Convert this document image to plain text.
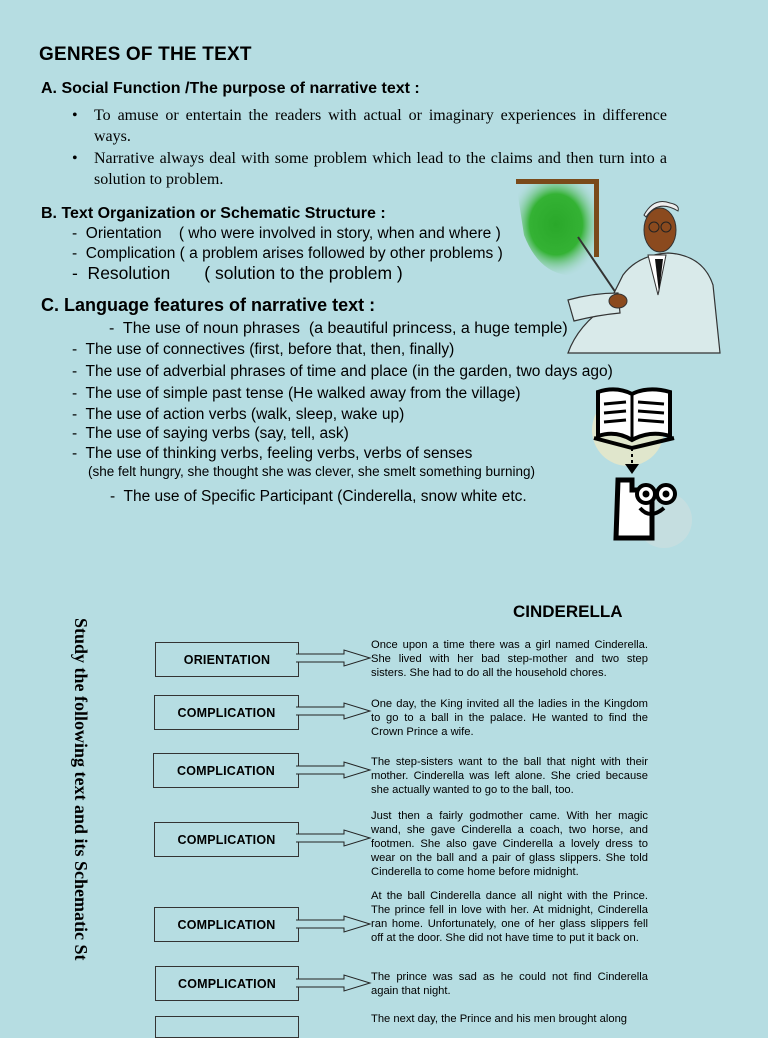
GENRES OF THE TEXT

A. Social Function /The purpose of narrative text :

• To amuse or entertain the readers with actual or imaginary experiences in difference ways.
• Narrative always deal with some problem which lead to the claims and then turn into a solution to problem.

B. Text Organization or Schematic Structure :

-  Orientation    ( who were involved in story, when and where )
-  Complication ( a problem arises followed by other problems )
-  Resolution       ( solution to the problem )

C. Language features of narrative text :

-  The use of noun phrases  (a beautiful princess, a huge temple)
-  The use of connectives (first, before that, then, finally)
-  The use of adverbial phrases of time and place (in the garden, two days ago)
-  The use of simple past tense (He walked away from the village)
-  The use of action verbs (walk, sleep, wake up)
-  The use of saying verbs (say, tell, ask)
-  The use of thinking verbs, feeling verbs, verbs of senses
(she felt hungry, she thought she was clever, she smelt something burning)
-  The use of Specific Participant (Cinderella, snow white etc.
Study the following text and its Schematic St

CINDERELLA

ORIENTATION
COMPLICATION
COMPLICATION
COMPLICATION
COMPLICATION
COMPLICATION
Once upon a time there was a girl named Cinderella. She lived with her bad step-mother and two step sisters. She had to do all the household chores.
One day, the King invited all the ladies in the Kingdom to go to a ball in the palace. He wanted to find the Crown Prince a wife.
The step-sisters want to the ball that night with their mother. Cinderella was left alone. She cried because she actually wanted to go to the ball, too.
Just then a fairly godmother came. With her magic wand, she gave Cinderella a coach, two horse, and footmen. She also gave Cinderella a lovely dress to wear on the ball and a pair of glass slippers. She told Cinderella to come home before midnight.
At the ball Cinderella dance all night with the Prince. The prince fell in love with her. At midnight, Cinderella ran home. Unfortunately, one of her glass slippers fell off at the door. She did not have time to put it back on.
The prince was sad as he could not find Cinderella again that night.
The next day, the Prince and his men brought along
